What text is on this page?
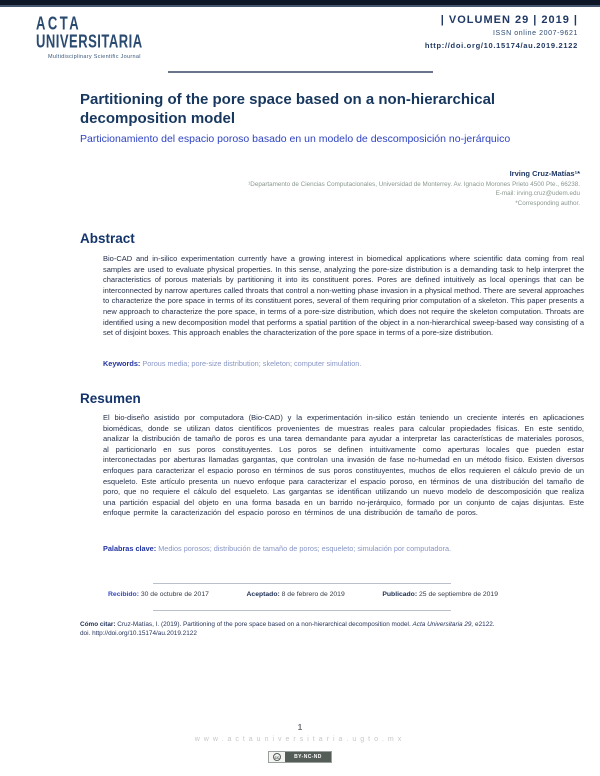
ACTA
UNIVERSITARIA
Multidisciplinary Scientific Journal
| VOLUMEN 29 | 2019 |
ISSN online 2007-9621
http://doi.org/10.15174/au.2019.2122
Partitioning of the pore space based on a non-hierarchical decomposition model
Particionamiento del espacio poroso basado en un modelo de descomposición no-jerárquico
Irving Cruz-Matías¹*
¹Departamento de Ciencias Computacionales, Universidad de Monterrey. Av. Ignacio Morones Prieto 4500 Pte., 66238.
E-mail: irving.cruz@udem.edu
*Corresponding author.
Abstract

Bio-CAD and in-silico experimentation currently have a growing interest in biomedical applications where scientific data coming from real samples are used to evaluate physical properties. In this sense, analyzing the pore-size distribution is a demanding task to help interpret the characteristics of porous materials by partitioning it into its constituent pores. Pores are defined intuitively as local openings that can be interconnected by narrow apertures called throats that control a non-wetting phase invasion in a physical method. There are several approaches to characterize the pore space in terms of its constituent pores, several of them requiring prior computation of a skeleton. This paper presents a new approach to characterize the pore space, in terms of a pore-size distribution, which does not require the skeleton computation. Throats are identified using a new decomposition model that performs a spatial partition of the object in a non-hierarchical sweep-based way consisting of a set of disjoint boxes. This approach enables the characterization of the pore space in terms of a pore-size distribution.

Keywords: Porous media; pore-size distribution; skeleton; computer simulation.

Resumen

El bio-diseño asistido por computadora (Bio-CAD) y la experimentación in-silico están teniendo un creciente interés en aplicaciones biomédicas, donde se utilizan datos científicos provenientes de muestras reales para calcular propiedades físicas. En este sentido, analizar la distribución de tamaño de poros es una tarea demandante para ayudar a interpretar las características de materiales porosos, al particionarlo en sus poros constituyentes. Los poros se definen intuitivamente como aperturas locales que pueden estar interconectadas por aberturas llamadas gargantas, que controlan una invasión de fase no-humedad en un método físico. Existen diversos enfoques para caracterizar el espacio poroso en términos de sus poros constituyentes, muchos de ellos requieren el cálculo previo de un esqueleto. Este artículo presenta un nuevo enfoque para caracterizar el espacio poroso, en términos de una distribución del tamaño de poro, que no requiere el cálculo del esqueleto. Las gargantas se identifican utilizando un nuevo modelo de descomposición que realiza una partición espacial del objeto en una forma basada en un barrido no-jerárquico, formado por un conjunto de cajas disjuntas. Este enfoque permite la caracterización del espacio poroso en términos de una distribución de tamaño de poros.

Palabras clave: Medios porosos; distribución de tamaño de poros; esqueleto; simulación por computadora.

Recibido: 30 de octubre de 2017	Aceptado: 8 de febrero de 2019	Publicado: 25 de septiembre de 2019
Cómo citar: Cruz-Matías, I. (2019). Partitioning of the pore space based on a non-hierarchical decomposition model. Acta Universitaria 29, e2122.
doi. http://doi.org/10.15174/au.2019.2122
1
www.actauniversitaria.ugto.mx
cc	BY-NC-ND
